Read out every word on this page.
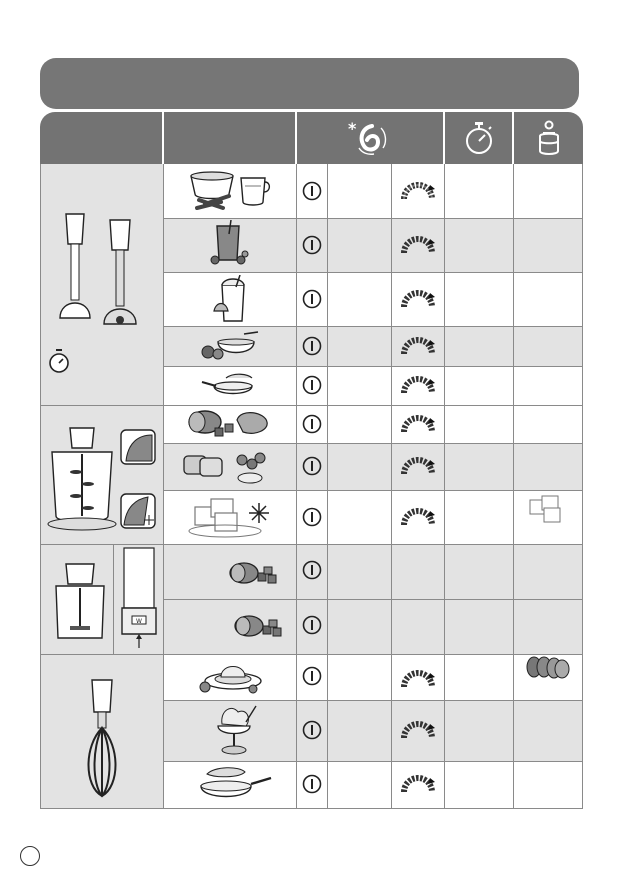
*
W
